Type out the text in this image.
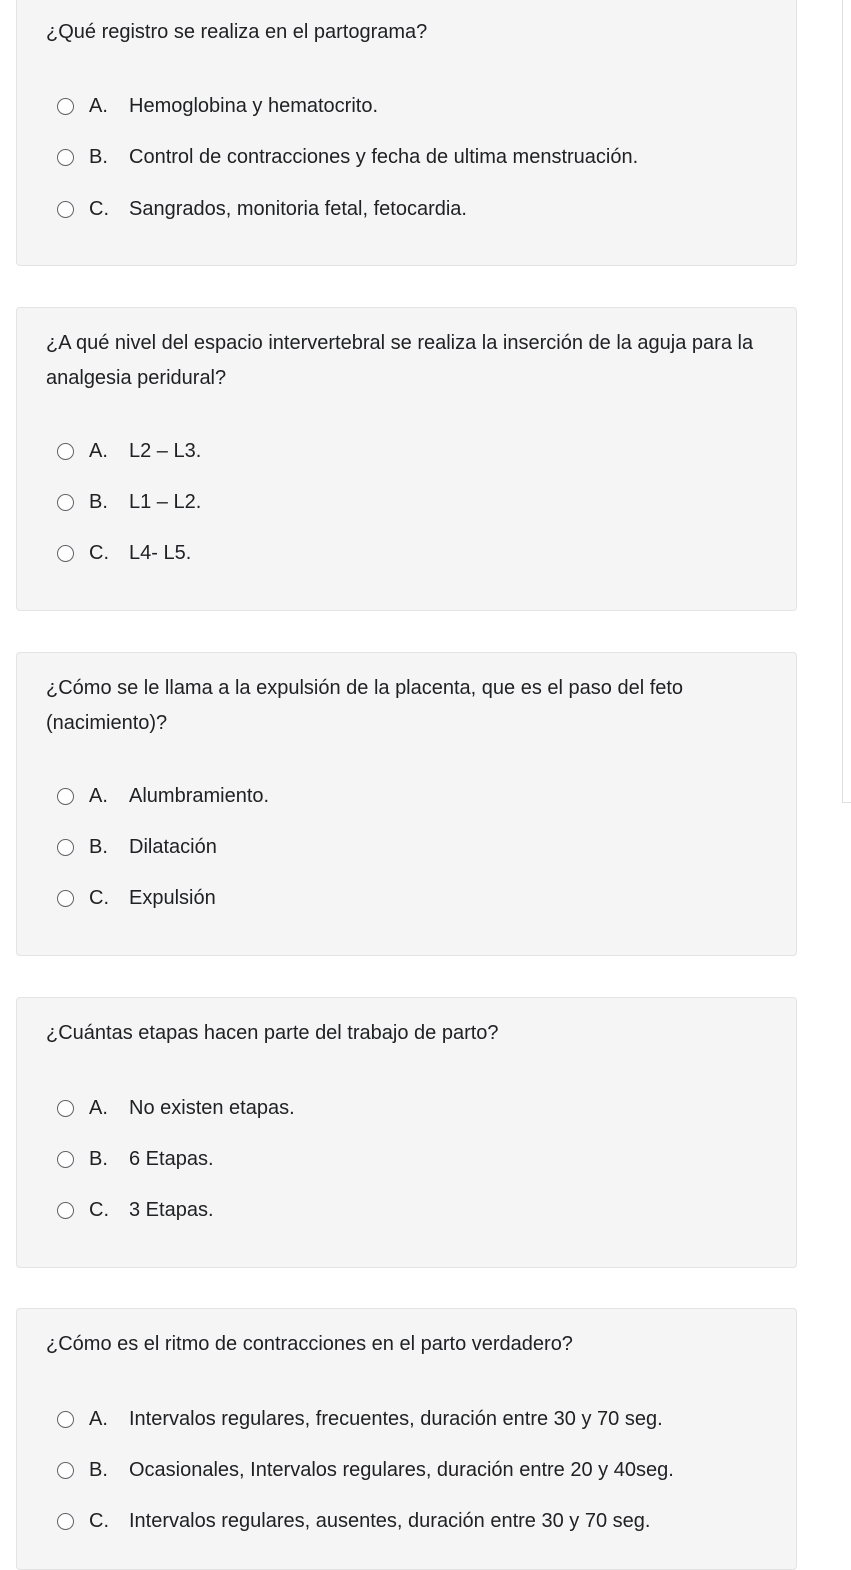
¿Qué registro se realiza en el partograma?

A. Hemoglobina y hematocrito.
B. Control de contracciones y fecha de ultima menstruación.
C. Sangrados, monitoria fetal, fetocardia.

¿A qué nivel del espacio intervertebral se realiza la inserción de la aguja para la analgesia peridural?

A. L2 – L3.
B. L1 – L2.
C. L4- L5.

¿Cómo se le llama a la expulsión de la placenta, que es el paso del feto (nacimiento)?

A. Alumbramiento.
B. Dilatación
C. Expulsión

¿Cuántas etapas hacen parte del trabajo de parto?

A. No existen etapas.
B. 6 Etapas.
C. 3 Etapas.

¿Cómo es el ritmo de contracciones en el parto verdadero?

A. Intervalos regulares, frecuentes, duración entre 30 y 70 seg.
B. Ocasionales, Intervalos regulares, duración entre 20 y 40seg.
C. Intervalos regulares, ausentes, duración entre 30 y 70 seg.
